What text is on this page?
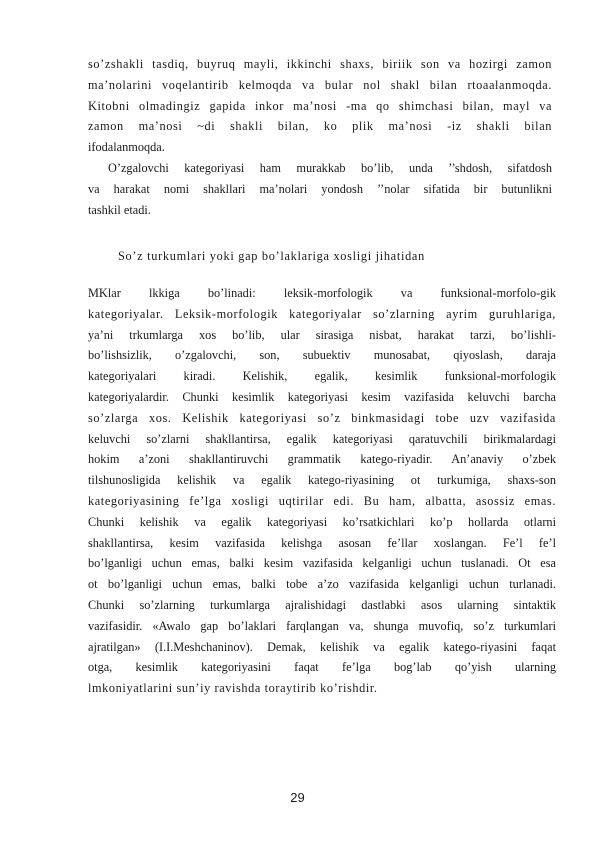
so’zshakli tasdiq, buyruq mayli, ikkinchi shaxs, biriik son va hozirgi zamon
ma’nolarini voqelantirib kelmoqda va bular nol shakl bilan rtoaalanmoqda.
Kitobni olmadingiz gapida inkor ma’nosi -ma qo shimchasi bilan, mayl va
zamon ma’nosi ~di shakli bilan, ko plik ma’nosi -iz shakli bilan
ifodalanmoqda.
O’zgalovchi kategoriyasi ham murakkab bo’lib, unda ’’shdosh, sifatdosh
va harakat nomi shakllari ma’nolari yondosh ’’nolar sifatida bir butunlikni
tashkil etadi.
So’z turkumlari yoki gap bo’laklariga xosligi jihatidan
MKlar lkkiga bo’linadi: leksik-morfologik va funksional-morfolo-gik
kategoriyalar. Leksik-morfologik kategoriyalar so’zlarning ayrim guruhlariga,
ya’ni trkumlarga xos bo’lib, ular sirasiga nisbat, harakat tarzi, bo’lishli-
bo’lishsizlik, o’zgalovchi, son, subuektiv munosabat, qiyoslash, daraja
kategoriyalari kiradi. Kelishik, egalik, kesimlik funksional-morfologik
kategoriyalardir. Chunki kesimlik kategoriyasi kesim vazifasida keluvchi barcha
so’zlarga xos. Kelishik kategoriyasi so’z binkmasidagi tobe uzv vazifasida
keluvchi so’zlarni shakllantirsa, egalik kategoriyasi qaratuvchili birikmalardagi
hokim a’zoni shakllantiruvchi grammatik katego-riyadir. An’anaviy o’zbek
tilshunosligida kelishik va egalik katego-riyasining ot turkumiga, shaxs-son
kategoriyasining fe’lga xosligi uqtirilar edi. Bu ham, albatta, asossiz emas.
Chunki kelishik va egalik kategoriyasi ko’rsatkichlari ko’p hollarda otlarni
shakllantirsa, kesim vazifasida kelishga asosan fe’llar xoslangan. Fe’l fe’l
bo’lganligi uchun emas, balki kesim vazifasida kelganligi uchun tuslanadi. Ot esa
ot bo’lganligi uchun emas, balki tobe a’zo vazifasida kelganligi uchun turlanadi.
Chunki so’zlarning turkumlarga ajralishidagi dastlabki asos ularning sintaktik
vazifasidir. «Awalo gap bo’laklari farqlangan va, shunga muvofiq, so’z turkumlari
ajratilgan» (I.I.Meshchaninov). Demak, kelishik va egalik katego-riyasini faqat
otga, kesimlik kategoriyasini faqat fe’lga bog’lab qo’yish ularning
lmkoniyatlarini sun’iy ravishda toraytirib ko’rishdir.
29
